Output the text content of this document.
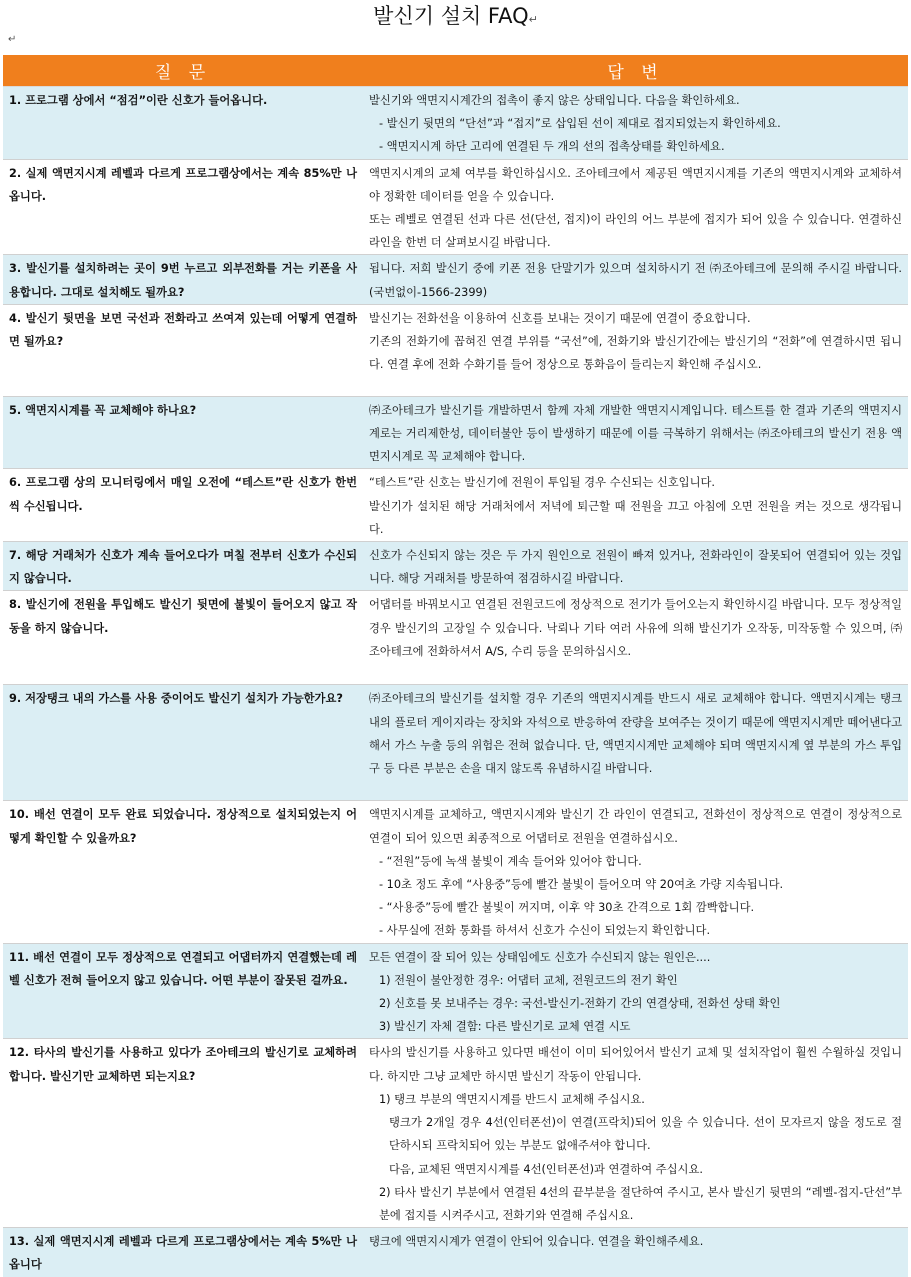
발신기 설치 FAQ↵
↵
질 문	답 변
1. 프로그램 상에서 “점검”이란 신호가 들어옵니다.	발신기와 액면지시계간의 접촉이 좋지 않은 상태입니다. 다음을 확인하세요.
- 발신기 뒷면의 “단선”과 “접지”로 삽입된 선이 제대로 접지되었는지 확인하세요.
- 액면지시계 하단 고리에 연결된 두 개의 선의 접촉상태를 확인하세요.

2. 실제 액면지시계 레벨과 다르게 프로그램상에서는 계속 85%만 나옵니다.	액면지시계의 교체 여부를 확인하십시오. 조아테크에서 제공된 액면지시계를 기존의 액면지시계와 교체하셔야 정확한 데이터를 얻을 수 있습니다.
또는 레벨로 연결된 선과 다른 선(단선, 접지)이 라인의 어느 부분에 접지가 되어 있을 수 있습니다. 연결하신 라인을 한번 더 살펴보시길 바랍니다.

3. 발신기를 설치하려는 곳이 9번 누르고 외부전화를 거는 키폰을 사용합니다. 그대로 설치해도 될까요?	됩니다. 저희 발신기 중에 키폰 전용 단말기가 있으며 설치하시기 전 ㈜조아테크에 문의해 주시길 바랍니다. (국번없이-1566-2399)

4. 발신기 뒷면을 보면 국선과 전화라고 쓰여져 있는데 어떻게 연결하면 될까요?	발신기는 전화선을 이용하여 신호를 보내는 것이기 때문에 연결이 중요합니다.
기존의 전화기에 꼽혀진 연결 부위를 “국선”에, 전화기와 발신기간에는 발신기의 “전화”에 연결하시면 됩니다. 연결 후에 전화 수화기를 들어 정상으로 통화음이 들리는지 확인해 주십시오.

5. 액면지시계를 꼭 교체해야 하나요?	㈜조아테크가 발신기를 개발하면서 함께 자체 개발한 액면지시계입니다. 테스트를 한 결과 기존의 액면지시계로는 거리제한성, 데이터불안 등이 발생하기 때문에 이를 극복하기 위해서는 ㈜조아테크의 발신기 전용 액면지시계로 꼭 교체해야 합니다.

6. 프로그램 상의 모니터링에서 매일 오전에 “테스트”란 신호가 한번씩 수신됩니다.	“테스트”란 신호는 발신기에 전원이 투입될 경우 수신되는 신호입니다.
발신기가 설치된 해당 거래처에서 저녁에 퇴근할 때 전원을 끄고 아침에 오면 전원을 켜는 것으로 생각됩니다.

7. 해당 거래처가 신호가 계속 들어오다가 며칠 전부터 신호가 수신되지 않습니다.	신호가 수신되지 않는 것은 두 가지 원인으로 전원이 빠져 있거나, 전화라인이 잘못되어 연결되어 있는 것입니다. 해당 거래처를 방문하여 점검하시길 바랍니다.

8. 발신기에 전원을 투입해도 발신기 뒷면에 불빛이 들어오지 않고 작동을 하지 않습니다.	어댑터를 바꿔보시고 연결된 전원코드에 정상적으로 전기가 들어오는지 확인하시길 바랍니다. 모두 정상적일 경우 발신기의 고장일 수 있습니다. 낙뢰나 기타 여러 사유에 의해 발신기가 오작동, 미작동할 수 있으며, ㈜조아테크에 전화하셔서 A/S, 수리 등을 문의하십시오.

9. 저장탱크 내의 가스를 사용 중이어도 발신기 설치가 가능한가요?	㈜조아테크의 발신기를 설치할 경우 기존의 액면지시계를 반드시 새로 교체해야 합니다. 액면지시계는 탱크 내의 플로터 게이지라는 장치와 자석으로 반응하여 잔량을 보여주는 것이기 때문에 액면지시계만 떼어낸다고 해서 가스 누출 등의 위험은 전혀 없습니다. 단, 액면지시계만 교체해야 되며 액면지시계 옆 부분의 가스 투입구 등 다른 부분은 손을 대지 않도록 유념하시길 바랍니다.

10. 배선 연결이 모두 완료 되었습니다. 정상적으로 설치되었는지 어떻게 확인할 수 있을까요?	액면지시계를 교체하고, 액면지시계와 발신기 간 라인이 연결되고, 전화선이 정상적으로 연결이 정상적으로 연결이 되어 있으면 최종적으로 어댑터로 전원을 연결하십시오.
- “전원”등에 녹색 불빛이 계속 들어와 있어야 합니다.
- 10초 정도 후에 “사용중”등에 빨간 불빛이 들어오며 약 20여초 가량 지속됩니다.
- “사용중”등에 빨간 불빛이 꺼지며, 이후 약 30초 간격으로 1회 깜빡합니다.
- 사무실에 전화 통화를 하셔서 신호가 수신이 되었는지 확인합니다.

11. 배선 연결이 모두 정상적으로 연결되고 어댑터까지 연결했는데 레벨 신호가 전혀 들어오지 않고 있습니다. 어떤 부분이 잘못된 걸까요.	모든 연결이 잘 되어 있는 상태임에도 신호가 수신되지 않는 원인은....
1) 전원이 불안정한 경우: 어댑터 교체, 전원코드의 전기 확인
2) 신호를 못 보내주는 경우: 국선-발신기-전화기 간의 연결상태, 전화선 상태 확인
3) 발신기 자체 결함: 다른 발신기로 교체 연결 시도

12. 타사의 발신기를 사용하고 있다가 조아테크의 발신기로 교체하려 합니다. 발신기만 교체하면 되는지요?	타사의 발신기를 사용하고 있다면 배선이 이미 되어있어서 발신기 교체 및 설치작업이 훨씬 수월하실 것입니다. 하지만 그냥 교체만 하시면 발신기 작동이 안됩니다.
1) 탱크 부분의 액면지시계를 반드시 교체해 주십시요.
탱크가 2개일 경우 4선(인터폰선)이 연결(프락치)되어 있을 수 있습니다. 선이 모자르지 않을 정도로 절단하시되 프락치되어 있는 부분도 없애주셔야 합니다.
다음, 교체된 액면지시계를 4선(인터폰선)과 연결하여 주십시요.
2) 타사 발신기 부분에서 연결된 4선의 끝부분을 절단하여 주시고, 본사 발신기 뒷면의 “레벨-접지-단선”부분에 접지를 시켜주시고, 전화기와 연결해 주십시요.

13. 실제 액면지시계 레벨과 다르게 프로그램상에서는 계속 5%만 나옵니다	탱크에 액면지시계가 연결이 안되어 있습니다. 연결을 확인해주세요.
